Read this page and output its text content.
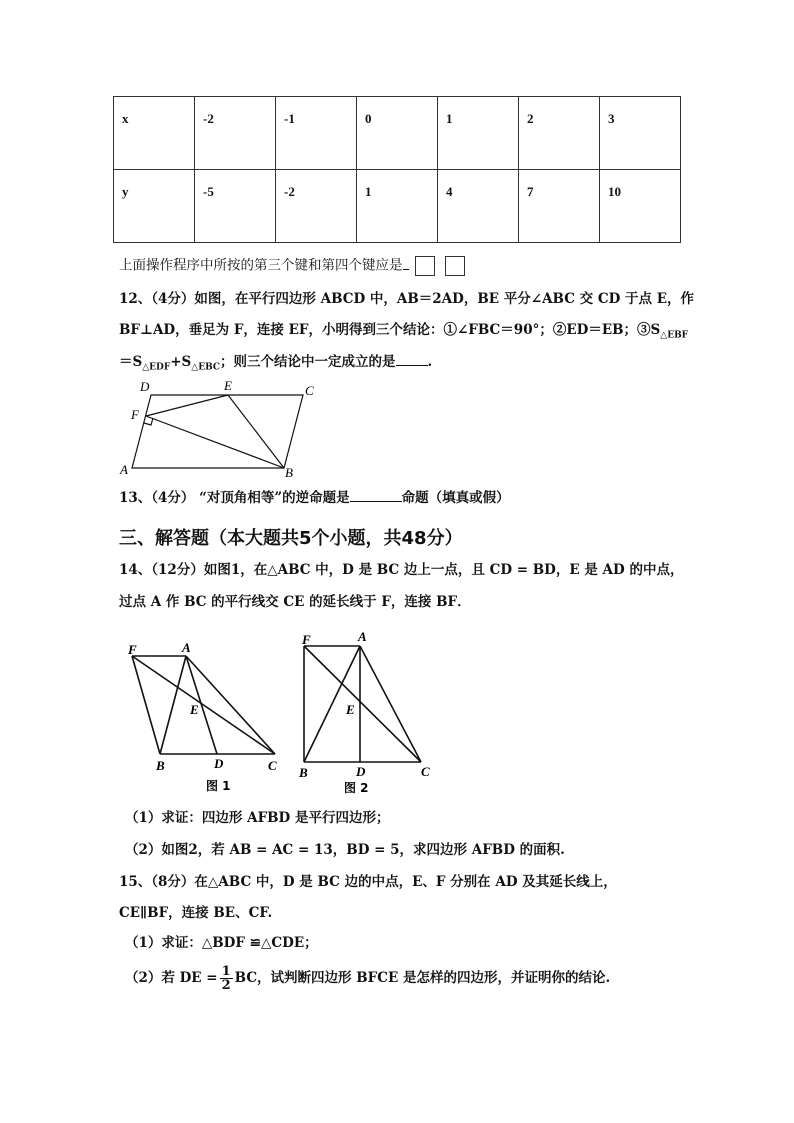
x	-2	-1	0	1	2	3
y	-5	-2	1	4	7	10
上面操作程序中所按的第三个键和第四个键应是
12、（4分）如图，在平行四边形 ABCD 中，AB＝2AD，BE 平分∠ABC 交 CD 于点 E，作
BF⊥AD，垂足为 F，连接 EF，小明得到三个结论：①∠FBC＝90°；②ED＝EB；$③S_{\triangle EBF}$
$=S_{\triangle EDF}+S_{\triangle EBC}$；则三个结论中一定成立的是 .
D	E	C
F
A	B
13、（4分） “对顶角相等”的逆命题是	命题（填真或假）
三、解答题（本大题共5个小题，共48分）
14、（12分）如图1，在△ABC 中，D 是 BC 边上一点，且 CD = BD，E 是 AD 的中点，
过点 A 作 BC 的平行线交 CE 的延长线于 F，连接 BF．
F	A
E
B	D	C
图 1
F	A
E
B	D	C
图 2
（1）求证：四边形 AFBD 是平行四边形；
（2）如图2，若 AB = AC = 13，BD = 5，求四边形 AFBD 的面积.
15、（8分）在△ABC 中，D 是 BC 边的中点，E、F 分别在 AD 及其延长线上，
CE∥BF，连接 BE、CF.
（1）求证：△BDF ≌△CDE；
（2）若 DE = $\frac{1}{2}$ BC，试判断四边形 BFCE 是怎样的四边形，并证明你的结论.
